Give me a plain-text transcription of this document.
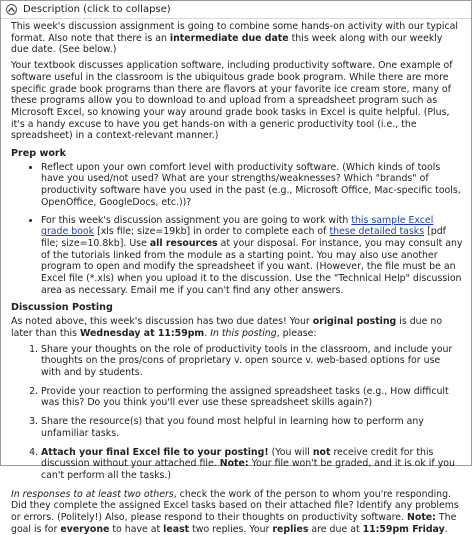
Description (click to collapse)

This week's discussion assignment is going to combine some hands-on activity with our typical format. Also note that there is an intermediate due date this week along with our weekly due date. (See below.)

Your textbook discusses application software, including productivity software. One example of software useful in the classroom is the ubiquitous grade book program. While there are more specific grade book programs than there are flavors at your favorite ice cream store, many of these programs allow you to download to and upload from a spreadsheet program such as Microsoft Excel, so knowing your way around grade book tasks in Excel is quite helpful. (Plus, it's a handy excuse to have you get hands-on with a generic productivity tool (i.e., the spreadsheet) in a context-relevant manner.)

Prep work
• Reflect upon your own comfort level with productivity software. (Which kinds of tools have you used/not used? What are your strengths/weaknesses? Which "brands" of productivity software have you used in the past (e.g., Microsoft Office, Mac-specific tools, OpenOffice, GoogleDocs, etc.))?
• For this week's discussion assignment you are going to work with this sample Excel grade book [xls file; size=19kb] in order to complete each of these detailed tasks [pdf file; size=10.8kb]. Use all resources at your disposal. For instance, you may consult any of the tutorials linked from the module as a starting point. You may also use another program to open and modify the spreadsheet if you want. (However, the file must be an Excel file (*.xls) when you upload it to the discussion. Use the "Technical Help" discussion area as necessary. Email me if you can't find any other answers.
Discussion Posting

As noted above, this week's discussion has two due dates! Your original posting is due no later than this Wednesday at 11:59pm. In this posting, please:

1. Share your thoughts on the role of productivity tools in the classroom, and include your thoughts on the pros/cons of proprietary v. open source v. web-based options for use with and by students.
2. Provide your reaction to performing the assigned spreadsheet tasks (e.g., How difficult was this? Do you think you'll ever use these spreadsheet skills again?)
3. Share the resource(s) that you found most helpful in learning how to perform any unfamiliar tasks.
4. Attach your final Excel file to your posting! (You will not receive credit for this discussion without your attached file. Note: Your file won't be graded, and it is ok if you can't perform all the tasks.)

In responses to at least two others, check the work of the person to whom you're responding. Did they complete the assigned Excel tasks based on their attached file? Identify any problems or errors. (Politely!) Also, please respond to their thoughts on productivity software. Note: The goal is for everyone to have at least two replies. Your replies are due at 11:59pm Friday.
